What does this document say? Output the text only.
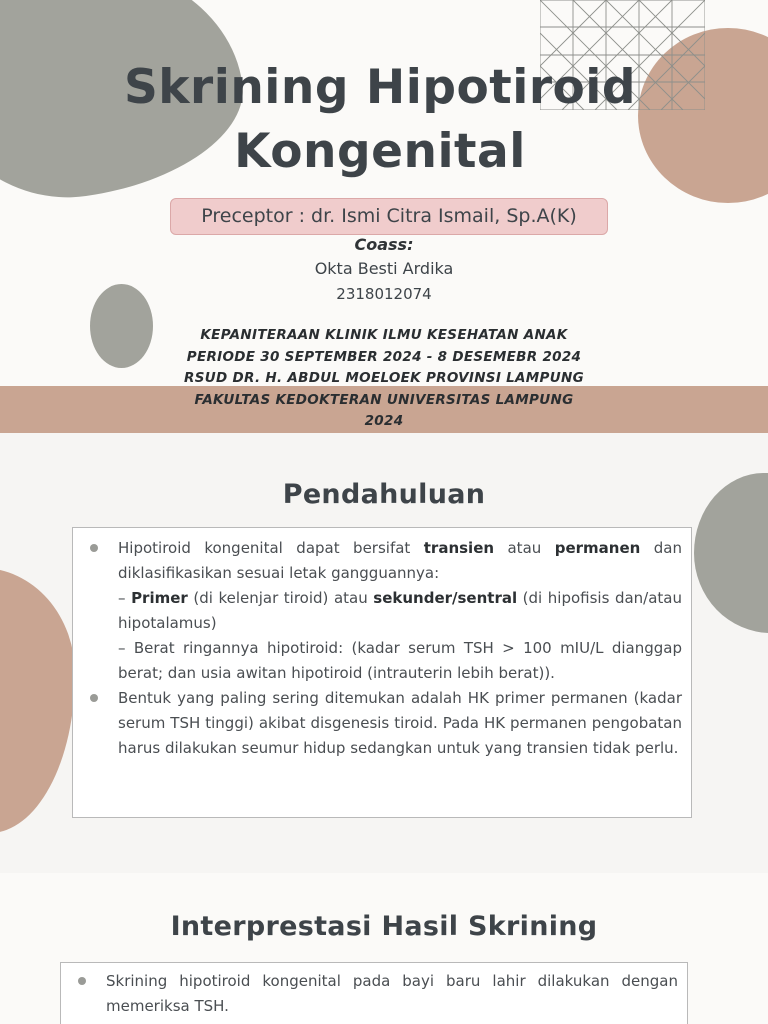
Skrining Hipotiroid
Kongenital
Preceptor : dr. Ismi Citra Ismail, Sp.A(K)
Coass:
Okta Besti Ardika
2318012074
KEPANITERAAN KLINIK ILMU KESEHATAN ANAK
PERIODE 30 SEPTEMBER 2024 - 8 DESEMEBR 2024
RSUD DR. H. ABDUL MOELOEK PROVINSI LAMPUNG
FAKULTAS KEDOKTERAN UNIVERSITAS LAMPUNG
2024
Pendahuluan
Hipotiroid kongenital dapat bersifat transien atau permanen dan diklasifikasikan sesuai letak gangguannya:
– Primer (di kelenjar tiroid) atau sekunder/sentral (di hipofisis dan/atau hipotalamus)
– Berat ringannya hipotiroid: (kadar serum TSH > 100 mIU/L dianggap berat; dan usia awitan hipotiroid (intrauterin lebih berat)).
Bentuk yang paling sering ditemukan adalah HK primer permanen (kadar serum TSH tinggi) akibat disgenesis tiroid. Pada HK permanen pengobatan harus dilakukan seumur hidup sedangkan untuk yang transien tidak perlu.
Interprestasi Hasil Skrining
Skrining hipotiroid kongenital pada bayi baru lahir dilakukan dengan memeriksa TSH.
